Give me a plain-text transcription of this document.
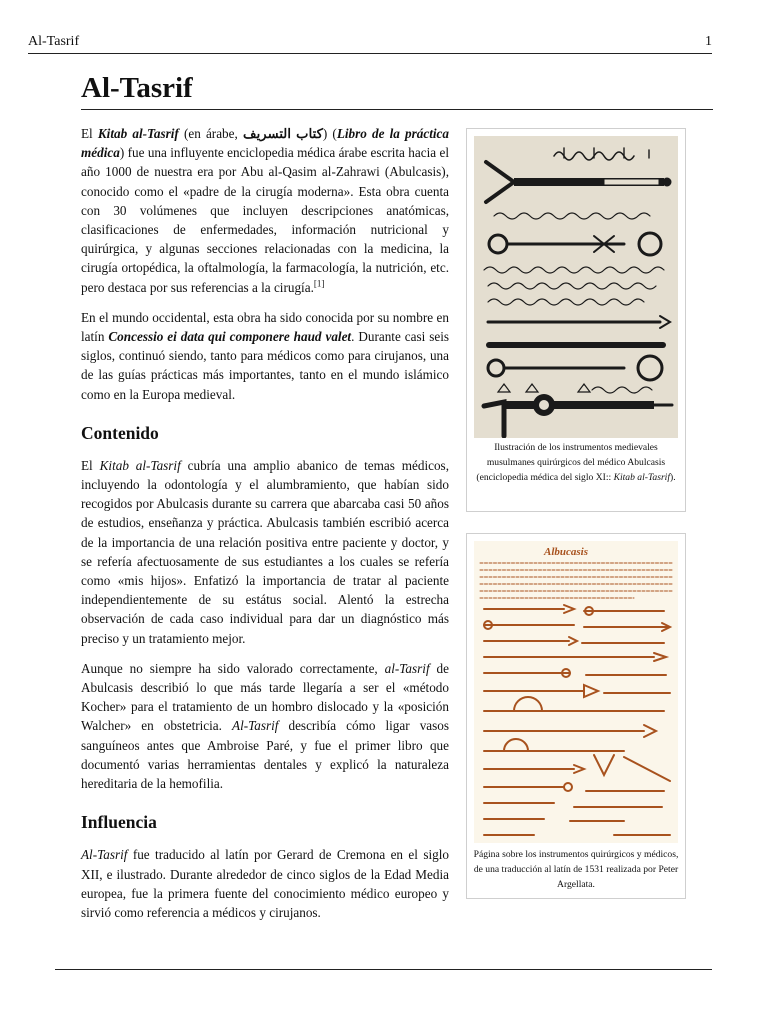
Al-Tasrif	1
Al-Tasrif

El Kitab al-Tasrif (en árabe, كتاب التسريف) (Libro de la práctica médica) fue una influyente enciclopedia médica árabe escrita hacia el año 1000 de nuestra era por Abu al-Qasim al-Zahrawi (Abulcasis), conocido como el «padre de la cirugía moderna». Esta obra cuenta con 30 volúmenes que incluyen descripciones anatómicas, clasificaciones de enfermedades, información nutricional y quirúrgica, y algunas secciones relacionadas con la medicina, la cirugía ortopédica, la oftalmología, la farmacología, la nutrición, etc. pero destaca por sus referencias a la cirugía.[1]

En el mundo occidental, esta obra ha sido conocida por su nombre en latín Concessio ei data qui componere haud valet. Durante casi seis siglos, continuó siendo, tanto para médicos como para cirujanos, una de las guías prácticas más importantes, tanto en el mundo islámico como en la Europa medieval.

Contenido

El Kitab al-Tasrif cubría una amplio abanico de temas médicos, incluyendo la odontología y el alumbramiento, que habían sido recogidos por Abulcasis durante su carrera que abarcaba casi 50 años de estudios, enseñanza y práctica. Abulcasis también escribió acerca de la importancia de una relación positiva entre paciente y doctor, y se refería afectuosamente de sus estudiantes a los cuales se refería como «mis hijos». Enfatizó la importancia de tratar al paciente independientemente de su estátus social. Alentó la estrecha observación de cada caso individual para dar un diagnóstico más preciso y un tratamiento mejor.

Aunque no siempre ha sido valorado correctamente, al-Tasrif de Abulcasis describió lo que más tarde llegaría a ser el «método Kocher» para el tratamiento de un hombro dislocado y la «posición Walcher» en obstetricia. Al-Tasrif describía cómo ligar vasos sanguíneos antes que Ambroise Paré, y fue el primer libro que documentó varias herramientas dentales y explicó la naturaleza hereditaria de la hemofilia.

Influencia

Al-Tasrif fue traducido al latín por Gerard de Cremona en el siglo XII, e ilustrado. Durante alrededor de cinco siglos de la Edad Media europea, fue la primera fuente del conocimiento médico europeo y sirvió como referencia a médicos y cirujanos.

Ilustración de los instrumentos medievales musulmanes quirúrgicos del médico Abulcasis (enciclopedia médica del siglo XI:: Kitab al-Tasrif).
Albucasis
Página sobre los instrumentos quirúrgicos y médicos, de una traducción al latín de 1531 realizada por Peter Argellata.
